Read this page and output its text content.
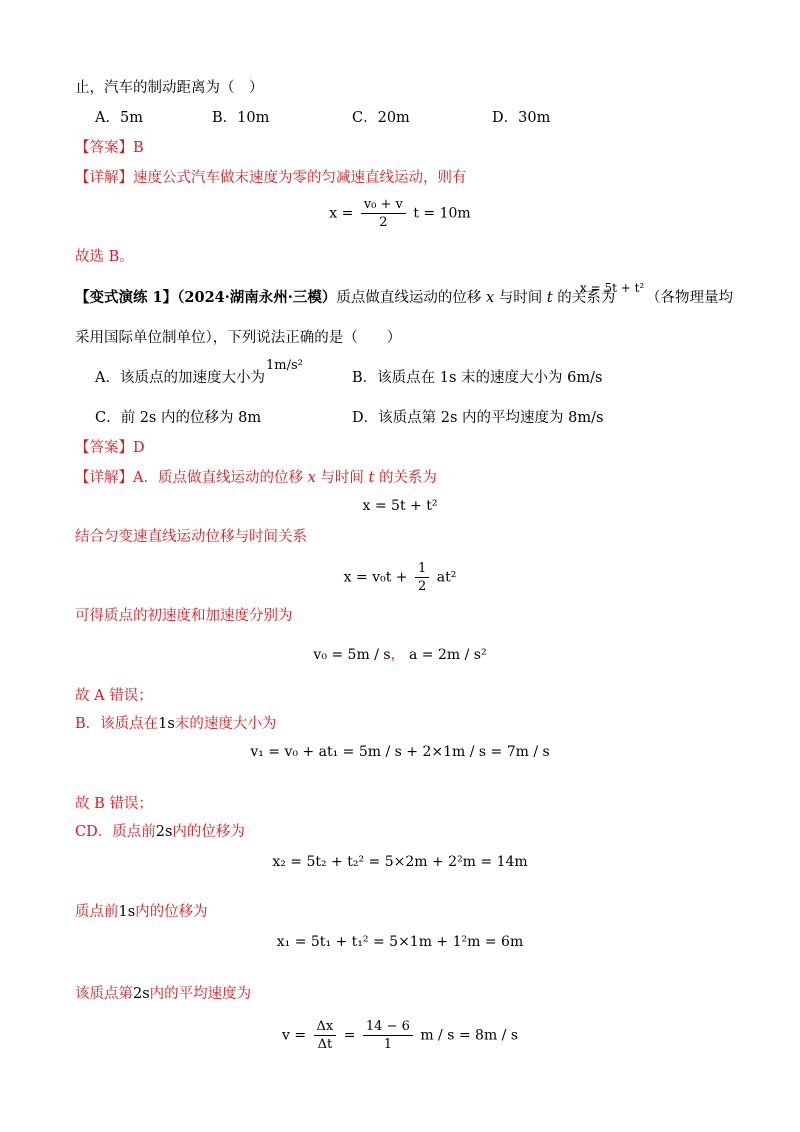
止，汽车的制动距离为（　）
A．5m	B．10m	C．20m	D．30m
【答案】B
【详解】速度公式汽车做末速度为零的匀减速直线运动，则有
$x = \frac{\text{v₀ + v}}{2}$ t = 10m
故选 B。
【变式演练 1】（2024·湖南永州·三模）质点做直线运动的位移 x 与时间 t 的关系为
x = 5t + t²
（各物理量均
采用国际单位制单位），下列说法正确的是（　　）
A．该质点的加速度大小为
1m/s²
B．该质点在 1s 末的速度大小为 6m/s
C．前 2s 内的位移为 8m	D．该质点第 2s 内的平均速度为 8m/s
【答案】D
【详解】A．质点做直线运动的位移 x 与时间 t 的关系为
x = 5t + t²
结合匀变速直线运动位移与时间关系
$x = v_0t + \frac{1}{2} at^2$
可得质点的初速度和加速度分别为
v₀ = 5m / s， a = 2m / s²
故 A 错误；
B．该质点在1s末的速度大小为
v₁ = v₀ + at₁ = 5m / s + 2×1m / s = 7m / s
故 B 错误；
CD．质点前2s内的位移为
x₂ = 5t₂ + t₂² = 5×2m + 2²m = 14m
质点前1s内的位移为
x₁ = 5t₁ + t₁² = 5×1m + 1²m = 6m
该质点第2s内的平均速度为
$v = \frac{\Delta x}{\Delta t} = \frac{14 - 6}{1}$ m / s = 8m / s
